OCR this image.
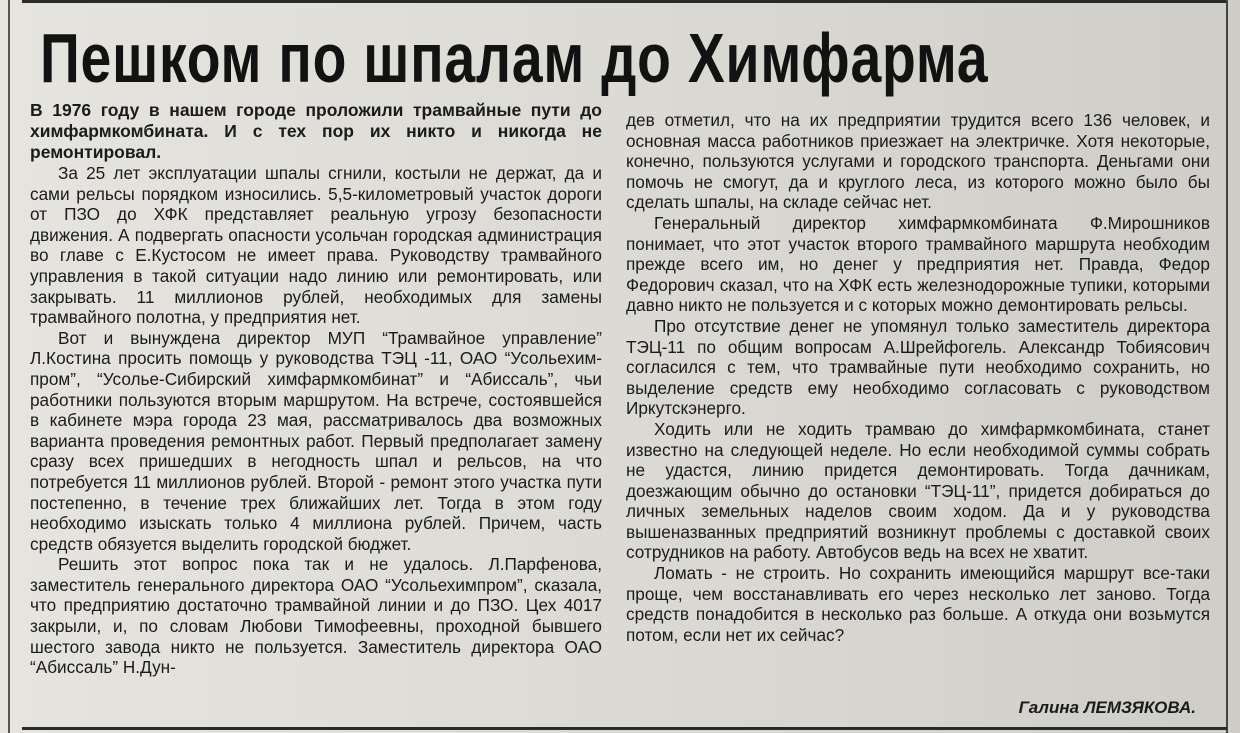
Пешком по шпалам до Химфарма

В 1976 году в нашем городе проложили трамвайные пути до химфармкомбината. И с тех пор их никто и никогда не ремонтировал.

За 25 лет эксплуатации шпалы сгнили, костыли не держат, да и сами рельсы порядком износились. 5,5-километровый участок дороги от ПЗО до ХФК представляет реальную угрозу безопасности движения. А подвергать опасности усольчан городская администрация во главе с Е.Кустосом не имеет права. Руководству трамвайного управления в такой ситуации надо линию или ремонтировать, или закрывать. 11 миллионов рублей, необходимых для замены трамвайного полотна, у предприятия нет.

Вот и вынуждена директор МУП “Трамвайное управление” Л.Костина просить помощь у руководства ТЭЦ -11, ОАО “Усольехим-пром”, “Усолье-Сибирский химфармкомбинат” и “Абиссаль”, чьи работники пользуются вторым маршрутом. На встрече, состоявшейся в кабинете мэра города 23 мая, рассматривалось два возможных варианта проведения ремонтных работ. Первый предполагает замену сразу всех пришедших в негодность шпал и рельсов, на что потребуется 11 миллионов рублей. Второй - ремонт этого участка пути постепенно, в течение трех ближайших лет. Тогда в этом году необходимо изыскать только 4 миллиона рублей. Причем, часть средств обязуется выделить городской бюджет.

Решить этот вопрос пока так и не удалось. Л.Парфенова, заместитель генерального директора ОАО “Усольехимпром”, сказала, что предприятию достаточно трамвайной линии и до ПЗО. Цех 4017 закрыли, и, по словам Любови Тимофеевны, проходной бывшего шестого завода никто не пользуется. Заместитель директора ОАО “Абиссаль” Н.Дун-

дев отметил, что на их предприятии трудится всего 136 человек, и основная масса работников приезжает на электричке. Хотя некоторые, конечно, пользуются услугами и городского транспорта. Деньгами они помочь не смогут, да и круглого леса, из которого можно было бы сделать шпалы, на складе сейчас нет.

Генеральный директор химфармкомбината Ф.Мирошников понимает, что этот участок второго трамвайного маршрута необходим прежде всего им, но денег у предприятия нет. Правда, Федор Федорович сказал, что на ХФК есть железнодорожные тупики, которыми давно никто не пользуется и с которых можно демонтировать рельсы.

Про отсутствие денег не упомянул только заместитель директора ТЭЦ-11 по общим вопросам А.Шрейфогель. Александр Тобиясович согласился с тем, что трамвайные пути необходимо сохранить, но выделение средств ему необходимо согласовать с руководством Иркутскэнерго.

Ходить или не ходить трамваю до химфармкомбината, станет известно на следующей неделе. Но если необходимой суммы собрать не удастся, линию придется демонтировать. Тогда дачникам, доезжающим обычно до остановки “ТЭЦ-11”, придется добираться до личных земельных наделов своим ходом. Да и у руководства вышеназванных предприятий возникнут проблемы с доставкой своих сотрудников на работу. Автобусов ведь на всех не хватит.

Ломать - не строить. Но сохранить имеющийся маршрут все-таки проще, чем восстанавливать его через несколько лет заново. Тогда средств понадобится в несколько раз больше. А откуда они возьмутся потом, если нет их сейчас?

Галина ЛЕМЗЯКОВА.
